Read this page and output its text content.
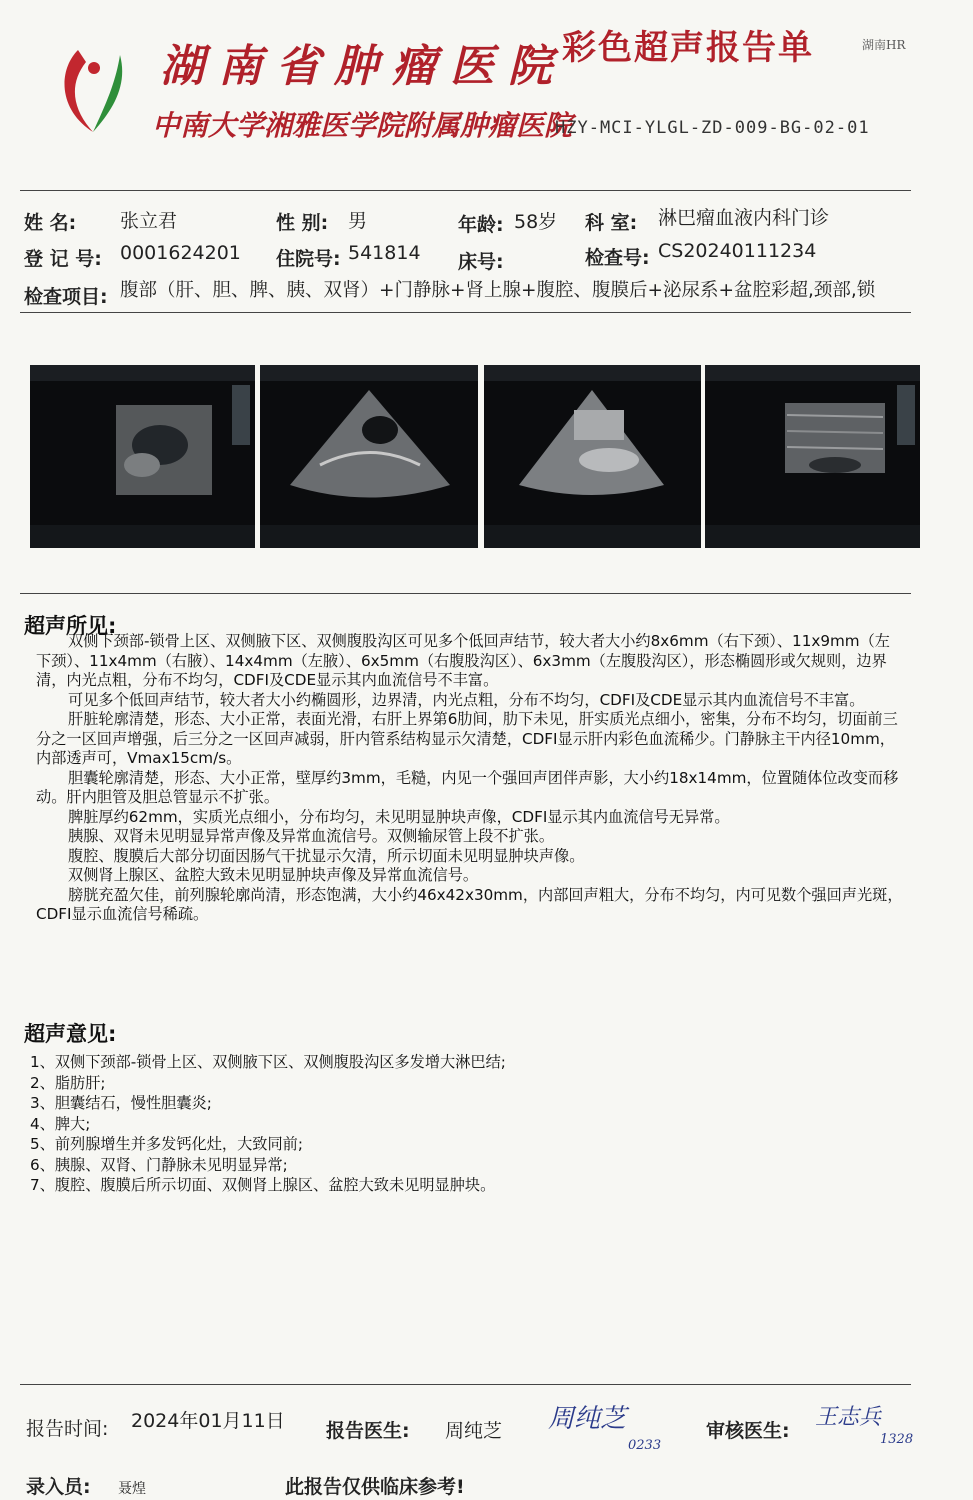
湖南省肿瘤医院
中南大学湘雅医学院附属肿瘤医院
彩色超声报告单	湖南HR
HZY-MCI-YLGL-ZD-009-BG-02-01
姓 名: 张立君	性 别: 男	年龄: 58岁 科 室: 淋巴瘤血液内科门诊
登 记 号: 0001624201 住院号: 541814 床号:	检查号: CS20240111234
检查项目: 腹部（肝、胆、脾、胰、双肾）+门静脉+肾上腺+腹腔、腹膜后+泌尿系+盆腔彩超,颈部,锁
超声所见:

双侧下颈部-锁骨上区、双侧腋下区、双侧腹股沟区可见多个低回声结节，较大者大小约8x6mm（右下颈）、11x9mm（左下颈）、11x4mm（右腋）、14x4mm（左腋）、6x5mm（右腹股沟区）、6x3mm（左腹股沟区），形态椭圆形或欠规则，边界清，内光点粗，分布不均匀，CDFI及CDE显示其内血流信号不丰富。

可见多个低回声结节，较大者大小约椭圆形，边界清，内光点粗，分布不均匀，CDFI及CDE显示其内血流信号不丰富。

肝脏轮廓清楚，形态、大小正常，表面光滑，右肝上界第6肋间，肋下未见，肝实质光点细小，密集，分布不均匀，切面前三分之一区回声增强，后三分之一区回声减弱，肝内管系结构显示欠清楚，CDFI显示肝内彩色血流稀少。门静脉主干内径10mm，内部透声可，Vmax15cm/s。

胆囊轮廓清楚，形态、大小正常，壁厚约3mm，毛糙，内见一个强回声团伴声影，大小约18x14mm，位置随体位改变而移动。肝内胆管及胆总管显示不扩张。

脾脏厚约62mm，实质光点细小，分布均匀，未见明显肿块声像，CDFI显示其内血流信号无异常。

胰腺、双肾未见明显异常声像及异常血流信号。双侧输尿管上段不扩张。

腹腔、腹膜后大部分切面因肠气干扰显示欠清，所示切面未见明显肿块声像。

双侧肾上腺区、盆腔大致未见明显肿块声像及异常血流信号。

膀胱充盈欠佳，前列腺轮廓尚清，形态饱满，大小约46x42x30mm，内部回声粗大，分布不均匀，内可见数个强回声光斑，CDFI显示血流信号稀疏。

超声意见:
1、双侧下颈部-锁骨上区、双侧腋下区、双侧腹股沟区多发增大淋巴结;
2、脂肪肝;
3、胆囊结石，慢性胆囊炎;
4、脾大;
5、前列腺增生并多发钙化灶，大致同前;
6、胰腺、双肾、门静脉未见明显异常;
7、腹腔、腹膜后所示切面、双侧肾上腺区、盆腔大致未见明显肿块。
报告时间: 2024年01月11日 报告医生: 周纯芝 周纯芝
0233
审核医生:
王志兵
1328
录入员: 聂煌	此报告仅供临床参考!
